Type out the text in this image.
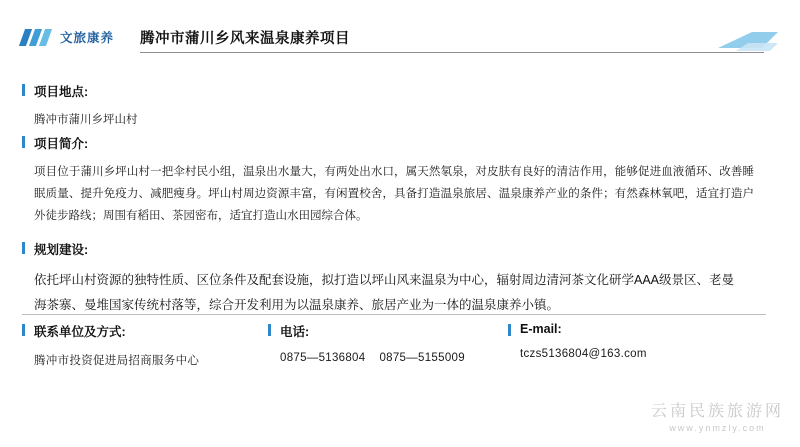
文旅康养 腾冲市蒲川乡风来温泉康养项目
项目地点:
腾冲市蒲川乡坪山村
项目简介:
项目位于蒲川乡坪山村一把伞村民小组，温泉出水量大，有两处出水口，属天然氡泉，对皮肤有良好的清洁作用，能够促进血液循环、改善睡眠质量、提升免疫力、减肥瘦身。坪山村周边资源丰富，有闲置校舍，具备打造温泉旅居、温泉康养产业的条件；有然森林氧吧，适宜打造户外徒步路线；周围有稻田、茶园密布，适宜打造山水田园综合体。
规划建设:
依托坪山村资源的独特性质、区位条件及配套设施，拟打造以坪山风来温泉为中心，辐射周边清河茶文化研学AAA级景区、老曼海茶寨、曼堆国家传统村落等，综合开发利用为以温泉康养、旅居产业为一体的温泉康养小镇。
联系单位及方式:
腾冲市投资促进局招商服务中心
电话:
0875—5136804 0875—5155009
E-mail:
tczs5136804@163.com
云南民族旅游网
www.ynmzly.com
